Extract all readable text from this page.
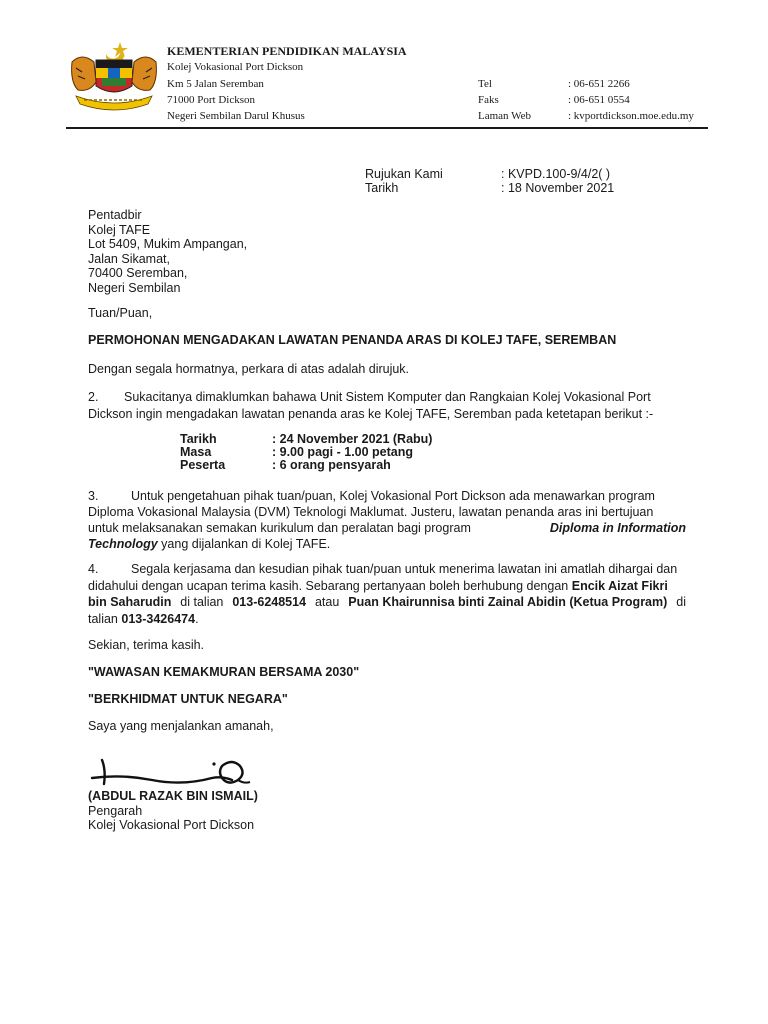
KEMENTERIAN PENDIDIKAN MALAYSIA
Kolej Vokasional Port Dickson
Km 5 Jalan Seremban
71000 Port Dickson
Negeri Sembilan Darul Khusus
Tel	: 06-651 2266
Faks	: 06-651 0554
Laman Web	: kvportdickson.moe.edu.my
Rujukan Kami	: KVPD.100-9/4/2( )
Tarikh	: 18 November 2021
Pentadbir
Kolej TAFE
Lot 5409, Mukim Ampangan,
Jalan Sikamat,
70400 Seremban,
Negeri Sembilan
Tuan/Puan,
PERMOHONAN MENGADAKAN LAWATAN PENANDA ARAS DI KOLEJ TAFE, SEREMBAN
Dengan segala hormatnya, perkara di atas adalah dirujuk.
2. Sukacitanya dimaklumkan bahawa Unit Sistem Komputer dan Rangkaian Kolej Vokasional Port
Dickson ingin mengadakan lawatan penanda aras ke Kolej TAFE, Seremban pada ketetapan berikut :-
Tarikh	: 24 November 2021 (Rabu)
Masa	: 9.00 pagi - 1.00 petang
Peserta	: 6 orang pensyarah
3.	Untuk pengetahuan pihak tuan/puan, Kolej Vokasional Port Dickson ada menawarkan program
Diploma Vokasional Malaysia (DVM) Teknologi Maklumat. Justeru, lawatan penanda aras ini bertujuan
untuk melaksanakan semakan kurikulum dan peralatan bagi program	Diploma in Information
Technology yang dijalankan di Kolej TAFE.
4.	Segala kerjasama dan kesudian pihak tuan/puan untuk menerima lawatan ini amatlah dihargai dan
didahului dengan ucapan terima kasih. Sebarang pertanyaan boleh berhubung dengan Encik Aizat Fikri
bin Saharudin di talian 013-6248514 atau Puan Khairunnisa binti Zainal Abidin (Ketua Program) di
talian 013-3426474.
Sekian, terima kasih.
"WAWASAN KEMAKMURAN BERSAMA 2030"
"BERKHIDMAT UNTUK NEGARA"
Saya yang menjalankan amanah,
(ABDUL RAZAK BIN ISMAIL)
Pengarah
Kolej Vokasional Port Dickson
